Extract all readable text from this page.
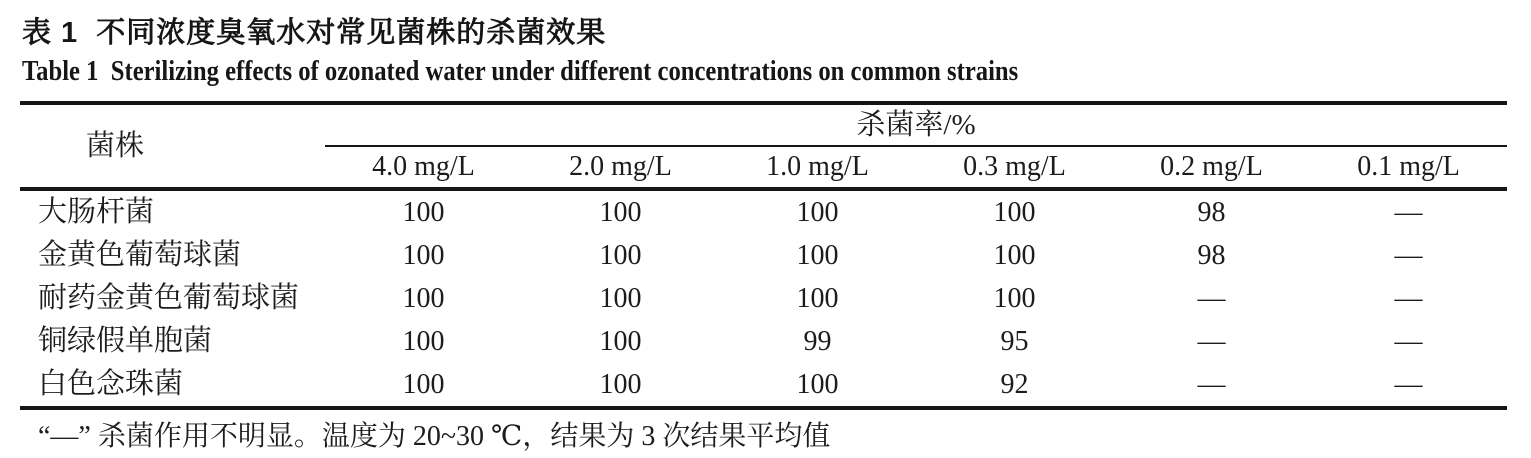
表 1  不同浓度臭氧水对常见菌株的杀菌效果
Table 1  Sterilizing effects of ozonated water under different concentrations on common strains
菌株	杀菌率/%					
	4.0 mg/L	2.0 mg/L	1.0 mg/L	0.3 mg/L	0.2 mg/L	0.1 mg/L
大肠杆菌	100	100	100	100	98	—
金黄色葡萄球菌	100	100	100	100	98	—
耐药金黄色葡萄球菌	100	100	100	100	—	—
铜绿假单胞菌	100	100	99	95	—	—
白色念珠菌	100	100	100	92	—	—
“—” 杀菌作用不明显。温度为 20~30 ℃，结果为 3 次结果平均值
